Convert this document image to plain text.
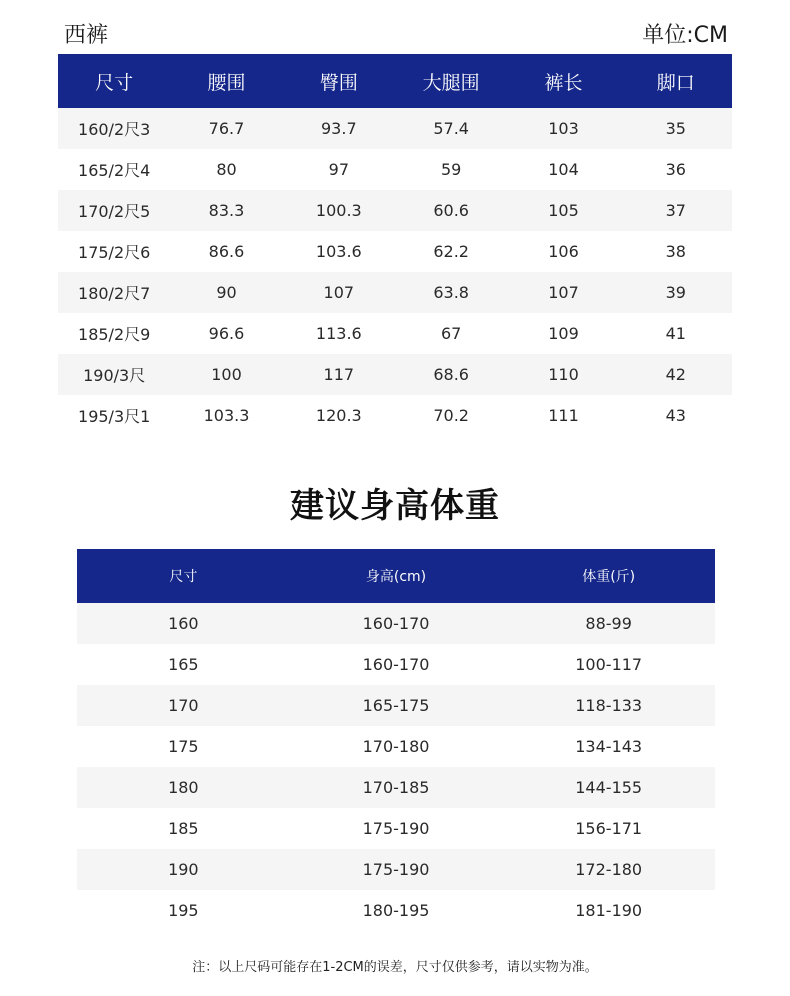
西裤	单位:CM
尺寸	腰围	臀围	大腿围	裤长	脚口
160/2尺3	76.7	93.7	57.4	103	35
165/2尺4	80	97	59	104	36
170/2尺5	83.3	100.3	60.6	105	37
175/2尺6	86.6	103.6	62.2	106	38
180/2尺7	90	107	63.8	107	39
185/2尺9	96.6	113.6	67	109	41
190/3尺	100	117	68.6	110	42
195/3尺1	103.3	120.3	70.2	111	43
建议身高体重
尺寸	身高(cm)	体重(斤)
160	160-170	88-99
165	160-170	100-117
170	165-175	118-133
175	170-180	134-143
180	170-185	144-155
185	175-190	156-171
190	175-190	172-180
195	180-195	181-190
注：以上尺码可能存在1-2CM的误差，尺寸仅供参考，请以实物为准。
